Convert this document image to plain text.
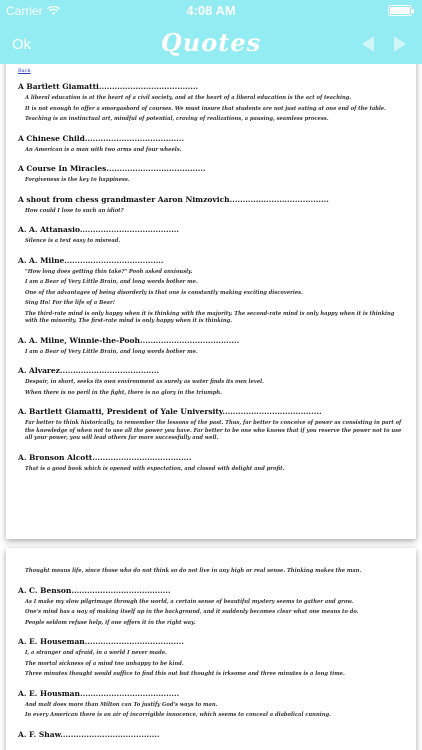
Carrier	4:08 AM
Ok	Quotes
Back
A Bartlett Giamatti......................................

A liberal education is at the heart of a civil society, and at the heart of a liberal education is the act of teaching.

It is not enough to offer a smorgasbord of courses. We must insure that students are not just eating at one end of the table.

Teaching is an instinctual art, mindful of potential, craving of realizations, a pausing, seamless process.

A Chinese Child......................................

An American is a man with two arms and four wheels.

A Course In Miracles......................................

Forgiveness is the key to happiness.

A shout from chess grandmaster Aaron Nimzovich......................................

How could I lose to such an idiot?

A. A. Attanasio......................................

Silence is a text easy to misread.

A. A. Milne......................................

"How long does getting thin take?" Pooh asked anxiously.

I am a Bear of Very Little Brain, and long words bother me.

One of the advantages of being disorderly is that one is constantly making exciting discoveries.

Sing Ho! For the life of a Bear!

The third-rate mind is only happy when it is thinking with the majority. The second-rate mind is only happy when it is thinking with the minority. The first-rate mind is only happy when it is thinking.

A. A. Milne, Winnie-the-Pooh......................................

I am a Bear of Very Little Brain, and long words bother me.

A. Alvarez......................................

Despair, in short, seeks its own environment as surely as water finds its own level.

When there is no peril in the fight, there is no glory in the triumph.

A. Bartlett Giamatti, President of Yale University......................................

Far better to think historically, to remember the lessons of the past. Thus, far better to conceive of power as consisting in part of the knowledge of when not to use all the power you have. Far better to be one who knows that if you reserve the power not to use all your power, you will lead others far more successfully and well.

A. Bronson Alcott......................................

That is a good book which is opened with expectation, and closed with delight and profit.

Thought means life, since those who do not think so do not live in any high or real sense. Thinking makes the man.

A. C. Benson......................................

As I make my slow pilgrimage through the world, a certain sense of beautiful mystery seems to gather and grow.

One's mind has a way of making itself up in the background, and it suddenly becomes clear what one means to do.

People seldom refuse help, if one offers it in the right way.

A. E. Houseman......................................

I, a stranger and afraid, in a world I never made.

The mortal sickness of a mind too unhappy to be kind.

Three minutes thought would suffice to find this out but thought is irksome and three minutes is a long time.

A. E. Housman......................................

And malt does more than Milton can To justify God's ways to man.

In every American there is an air of incorrigible innocence, which seems to conceal a diabolical cunning.

A. F. Shaw......................................
